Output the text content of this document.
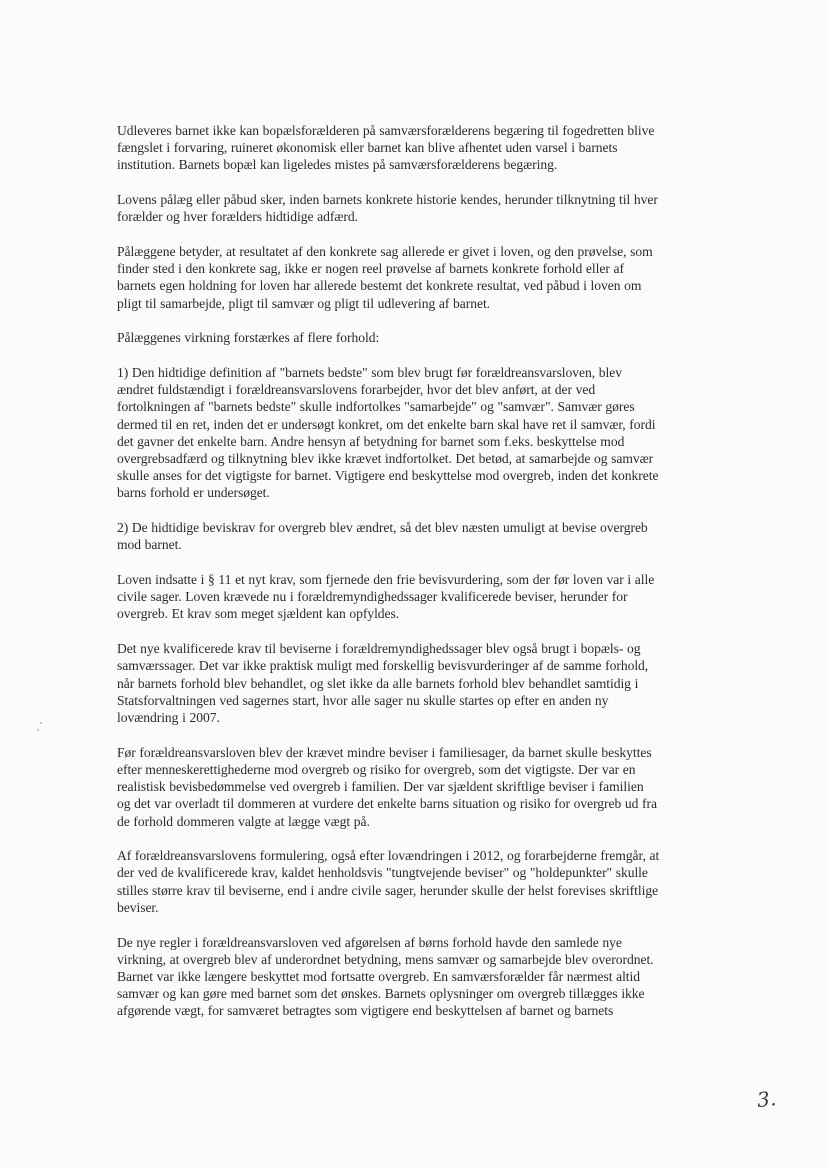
Udleveres barnet ikke kan bopælsforælderen på samværsforælderens begæring til fogedretten blive
fængslet i forvaring, ruineret økonomisk eller barnet kan blive afhentet uden varsel i barnets
institution. Barnets bopæl kan ligeledes mistes på samværsforælderens begæring.

Lovens pålæg eller påbud sker, inden barnets konkrete historie kendes, herunder tilknytning til hver
forælder og hver forælders hidtidige adfærd.

Pålæggene betyder, at resultatet af den konkrete sag allerede er givet i loven, og den prøvelse, som
finder sted i den konkrete sag, ikke er nogen reel prøvelse af barnets konkrete forhold eller af
barnets egen holdning for loven har allerede bestemt det konkrete resultat, ved påbud i loven om
pligt til samarbejde, pligt til samvær og pligt til udlevering af barnet.

Pålæggenes virkning forstærkes af flere forhold:

1) Den hidtidige definition af "barnets bedste" som blev brugt før forældreansvarsloven, blev
ændret fuldstændigt i forældreansvarslovens forarbejder, hvor det blev anført, at der ved
fortolkningen af "barnets bedste" skulle indfortolkes "samarbejde" og "samvær". Samvær gøres
dermed til en ret, inden det er undersøgt konkret, om det enkelte barn skal have ret il samvær, fordi
det gavner det enkelte barn. Andre hensyn af betydning for barnet som f.eks. beskyttelse mod
overgrebsadfærd og tilknytning blev ikke krævet indfortolket. Det betød, at samarbejde og samvær
skulle anses for det vigtigste for barnet. Vigtigere end beskyttelse mod overgreb, inden det konkrete
barns forhold er undersøget.

2) De hidtidige beviskrav for overgreb blev ændret, så det blev næsten umuligt at bevise overgreb
mod barnet.

Loven indsatte i § 11 et nyt krav, som fjernede den frie bevisvurdering, som der før loven var i alle
civile sager. Loven krævede nu i forældremyndighedssager kvalificerede beviser, herunder for
overgreb. Et krav som meget sjældent kan opfyldes.

Det nye kvalificerede krav til beviserne i forældremyndighedssager blev også brugt i bopæls- og
samværssager. Det var ikke praktisk muligt med forskellig bevisvurderinger af de samme forhold,
når barnets forhold blev behandlet, og slet ikke da alle barnets forhold blev behandlet samtidig i
Statsforvaltningen ved sagernes start, hvor alle sager nu skulle startes op efter en anden ny
lovændring i 2007.

Før forældreansvarsloven blev der krævet mindre beviser i familiesager, da barnet skulle beskyttes
efter menneskerettighederne mod overgreb og risiko for overgreb, som det vigtigste. Der var en
realistisk bevisbedømmelse ved overgreb i familien. Der var sjældent skriftlige beviser i familien
og det var overladt til dommeren at vurdere det enkelte barns situation og risiko for overgreb ud fra
de forhold dommeren valgte at lægge vægt på.

Af forældreansvarslovens formulering, også efter lovændringen i 2012, og forarbejderne fremgår, at
der ved de kvalificerede krav, kaldet henholdsvis "tungtvejende beviser" og "holdepunkter" skulle
stilles større krav til beviserne, end i andre civile sager, herunder skulle der helst forevises skriftlige
beviser.

De nye regler i forældreansvarsloven ved afgørelsen af børns forhold havde den samlede nye
virkning, at overgreb blev af underordnet betydning, mens samvær og samarbejde blev overordnet.
Barnet var ikke længere beskyttet mod fortsatte overgreb. En samværsforælder får nærmest altid
samvær og kan gøre med barnet som det ønskes. Barnets oplysninger om overgreb tillægges ikke
afgørende vægt, for samværet betragtes som vigtigere end beskyttelsen af barnet og barnets

3.
